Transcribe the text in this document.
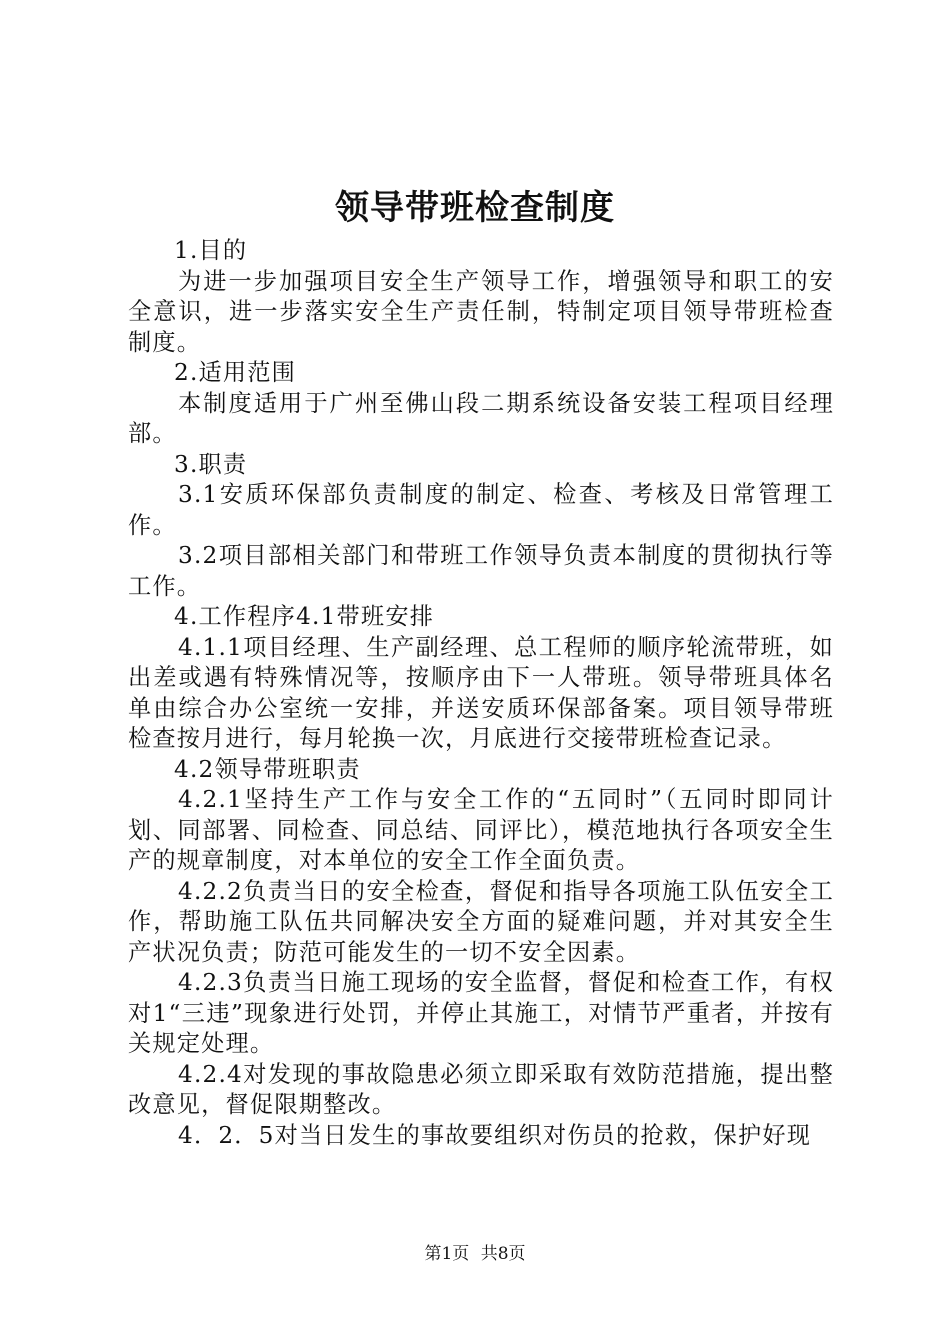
领导带班检查制度

1.目的

为进一步加强项目安全生产领导工作，增强领导和职工的安全意识，进一步落实安全生产责任制，特制定项目领导带班检查制度。

2.适用范围

本制度适用于广州至佛山段二期系统设备安装工程项目经理部。

3.职责

3.1安质环保部负责制度的制定、检查、考核及日常管理工作。

3.2项目部相关部门和带班工作领导负责本制度的贯彻执行等工作。

4.工作程序4.1带班安排

4.1.1项目经理、生产副经理、总工程师的顺序轮流带班，如出差或遇有特殊情况等，按顺序由下一人带班。领导带班具体名单由综合办公室统一安排，并送安质环保部备案。项目领导带班检查按月进行，每月轮换一次，月底进行交接带班检查记录。

4.2领导带班职责

4.2.1坚持生产工作与安全工作的“五同时”（五同时即同计划、同部署、同检查、同总结、同评比），模范地执行各项安全生产的规章制度，对本单位的安全工作全面负责。

4.2.2负责当日的安全检查，督促和指导各项施工队伍安全工作，帮助施工队伍共同解决安全方面的疑难问题，并对其安全生产状况负责；防范可能发生的一切不安全因素。

4.2.3负责当日施工现场的安全监督，督促和检查工作，有权对1“三违”现象进行处罚，并停止其施工，对情节严重者，并按有关规定处理。

4.2.4对发现的事故隐患必须立即采取有效防范措施，提出整改意见，督促限期整改。

4．2．5对当日发生的事故要组织对伤员的抢救，保护好现

第1页 共8页
